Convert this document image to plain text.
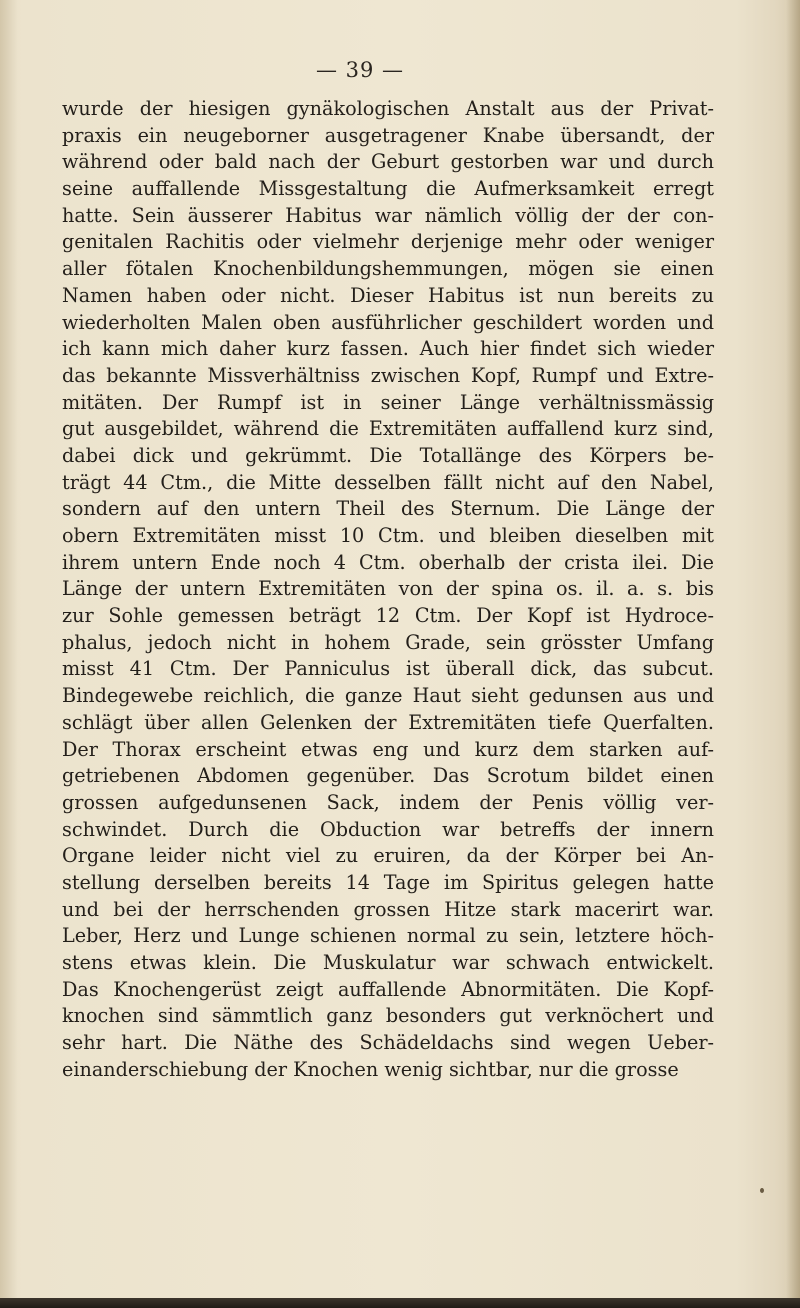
— 39 —
wurde der hiesigen gynäkologischen Anstalt aus der Privat-
praxis ein neugeborner ausgetragener Knabe übersandt, der
während oder bald nach der Geburt gestorben war und durch
seine auffallende Missgestaltung die Aufmerksamkeit erregt
hatte. Sein äusserer Habitus war nämlich völlig der der con-
genitalen Rachitis oder vielmehr derjenige mehr oder weniger
aller fötalen Knochenbildungshemmungen, mögen sie einen
Namen haben oder nicht. Dieser Habitus ist nun bereits zu
wiederholten Malen oben ausführlicher geschildert worden und
ich kann mich daher kurz fassen. Auch hier findet sich wieder
das bekannte Missverhältniss zwischen Kopf, Rumpf und Extre-
mitäten. Der Rumpf ist in seiner Länge verhältnissmässig
gut ausgebildet, während die Extremitäten auffallend kurz sind,
dabei dick und gekrümmt. Die Totallänge des Körpers be-
trägt 44 Ctm., die Mitte desselben fällt nicht auf den Nabel,
sondern auf den untern Theil des Sternum. Die Länge der
obern Extremitäten misst 10 Ctm. und bleiben dieselben mit
ihrem untern Ende noch 4 Ctm. oberhalb der crista ilei. Die
Länge der untern Extremitäten von der spina os. il. a. s. bis
zur Sohle gemessen beträgt 12 Ctm. Der Kopf ist Hydroce-
phalus, jedoch nicht in hohem Grade, sein grösster Umfang
misst 41 Ctm. Der Panniculus ist überall dick, das subcut.
Bindegewebe reichlich, die ganze Haut sieht gedunsen aus und
schlägt über allen Gelenken der Extremitäten tiefe Querfalten.
Der Thorax erscheint etwas eng und kurz dem starken auf-
getriebenen Abdomen gegenüber. Das Scrotum bildet einen
grossen aufgedunsenen Sack, indem der Penis völlig ver-
schwindet. Durch die Obduction war betreffs der innern
Organe leider nicht viel zu eruiren, da der Körper bei An-
stellung derselben bereits 14 Tage im Spiritus gelegen hatte
und bei der herrschenden grossen Hitze stark macerirt war.
Leber, Herz und Lunge schienen normal zu sein, letztere höch-
stens etwas klein. Die Muskulatur war schwach entwickelt.
Das Knochengerüst zeigt auffallende Abnormitäten. Die Kopf-
knochen sind sämmtlich ganz besonders gut verknöchert und
sehr hart. Die Näthe des Schädeldachs sind wegen Ueber-
einanderschiebung der Knochen wenig sichtbar, nur die grosse
